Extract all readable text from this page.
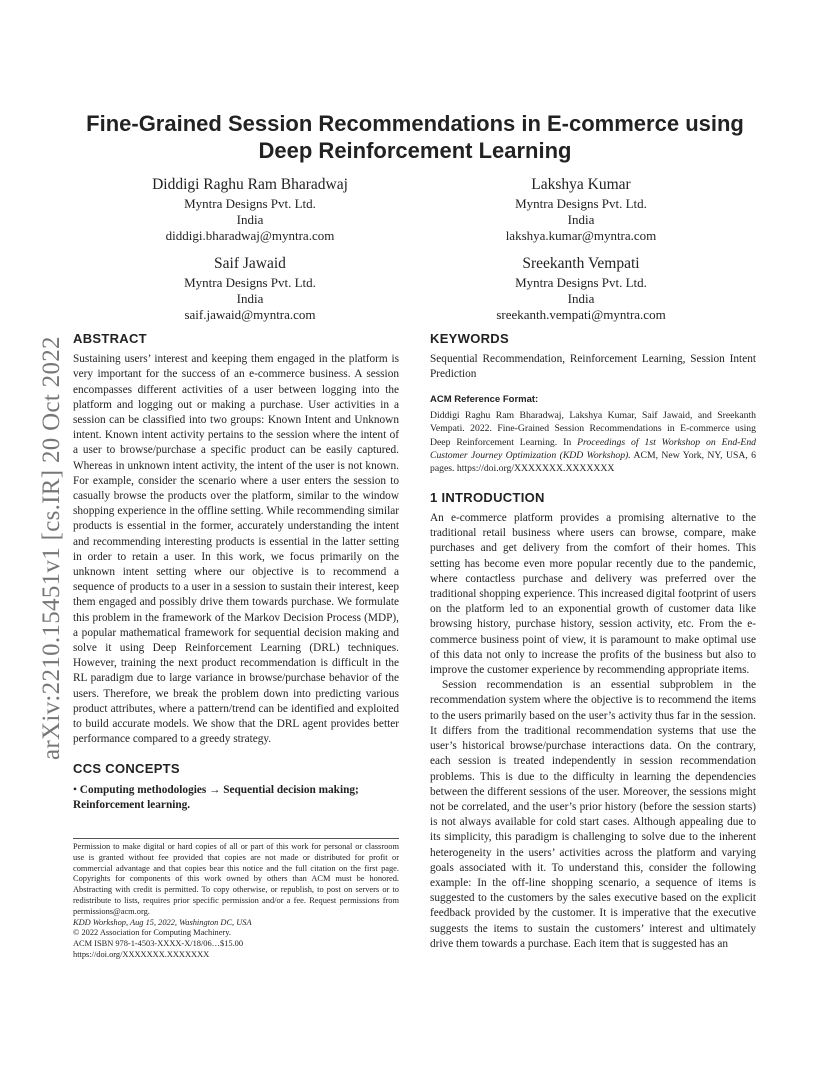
arXiv:2210.15451v1 [cs.IR] 20 Oct 2022
Fine-Grained Session Recommendations in E-commerce using Deep Reinforcement Learning
Diddigi Raghu Ram Bharadwaj
Myntra Designs Pvt. Ltd.
India
diddigi.bharadwaj@myntra.com
Lakshya Kumar
Myntra Designs Pvt. Ltd.
India
lakshya.kumar@myntra.com
Saif Jawaid
Myntra Designs Pvt. Ltd.
India
saif.jawaid@myntra.com
Sreekanth Vempati
Myntra Designs Pvt. Ltd.
India
sreekanth.vempati@myntra.com
ABSTRACT

Sustaining users’ interest and keeping them engaged in the platform is very important for the success of an e-commerce business. A session encompasses different activities of a user between logging into the platform and logging out or making a purchase. User activities in a session can be classified into two groups: Known Intent and Unknown intent. Known intent activity pertains to the session where the intent of a user to browse/purchase a specific product can be easily captured. Whereas in unknown intent activity, the intent of the user is not known. For example, consider the scenario where a user enters the session to casually browse the products over the platform, similar to the window shopping experience in the offline setting. While recommending similar products is essential in the former, accurately understanding the intent and recommending interesting products is essential in the latter setting in order to retain a user. In this work, we focus primarily on the unknown intent setting where our objective is to recommend a sequence of products to a user in a session to sustain their interest, keep them engaged and possibly drive them towards purchase. We formulate this problem in the framework of the Markov Decision Process (MDP), a popular mathematical framework for sequential decision making and solve it using Deep Reinforcement Learning (DRL) techniques. However, training the next product recommendation is difficult in the RL paradigm due to large variance in browse/purchase behavior of the users. Therefore, we break the problem down into predicting various product attributes, where a pattern/trend can be identified and exploited to build accurate models. We show that the DRL agent provides better performance compared to a greedy strategy.

CCS CONCEPTS

• Computing methodologies → Sequential decision making;
Reinforcement learning.

Permission to make digital or hard copies of all or part of this work for personal or classroom use is granted without fee provided that copies are not made or distributed for profit or commercial advantage and that copies bear this notice and the full citation on the first page. Copyrights for components of this work owned by others than ACM must be honored. Abstracting with credit is permitted. To copy otherwise, or republish, to post on servers or to redistribute to lists, requires prior specific permission and/or a fee. Request permissions from permissions@acm.org.
KDD Workshop, Aug 15, 2022, Washington DC, USA
© 2022 Association for Computing Machinery.
ACM ISBN 978-1-4503-XXXX-X/18/06…$15.00
https://doi.org/XXXXXXX.XXXXXXX
KEYWORDS

Sequential Recommendation, Reinforcement Learning, Session Intent Prediction

ACM Reference Format:

Diddigi Raghu Ram Bharadwaj, Lakshya Kumar, Saif Jawaid, and Sreekanth Vempati. 2022. Fine-Grained Session Recommendations in E-commerce using Deep Reinforcement Learning. In Proceedings of 1st Workshop on End-End Customer Journey Optimization (KDD Workshop). ACM, New York, NY, USA, 6 pages. https://doi.org/XXXXXXX.XXXXXXX

1 INTRODUCTION

An e-commerce platform provides a promising alternative to the traditional retail business where users can browse, compare, make purchases and get delivery from the comfort of their homes. This setting has become even more popular recently due to the pandemic, where contactless purchase and delivery was preferred over the traditional shopping experience. This increased digital footprint of users on the platform led to an exponential growth of customer data like browsing history, purchase history, session activity, etc. From the e-commerce business point of view, it is paramount to make optimal use of this data not only to increase the profits of the business but also to improve the customer experience by recommending appropriate items.

Session recommendation is an essential subproblem in the recommendation system where the objective is to recommend the items to the users primarily based on the user’s activity thus far in the session. It differs from the traditional recommendation systems that use the user’s historical browse/purchase interactions data. On the contrary, each session is treated independently in session recommendation problems. This is due to the difficulty in learning the dependencies between the different sessions of the user. Moreover, the sessions might not be correlated, and the user’s prior history (before the session starts) is not always available for cold start cases. Although appealing due to its simplicity, this paradigm is challenging to solve due to the inherent heterogeneity in the users’ activities across the platform and varying goals associated with it. To understand this, consider the following example: In the off-line shopping scenario, a sequence of items is suggested to the customers by the sales executive based on the explicit feedback provided by the customer. It is imperative that the executive suggests the items to sustain the customers’ interest and ultimately drive them towards a purchase. Each item that is suggested has an
